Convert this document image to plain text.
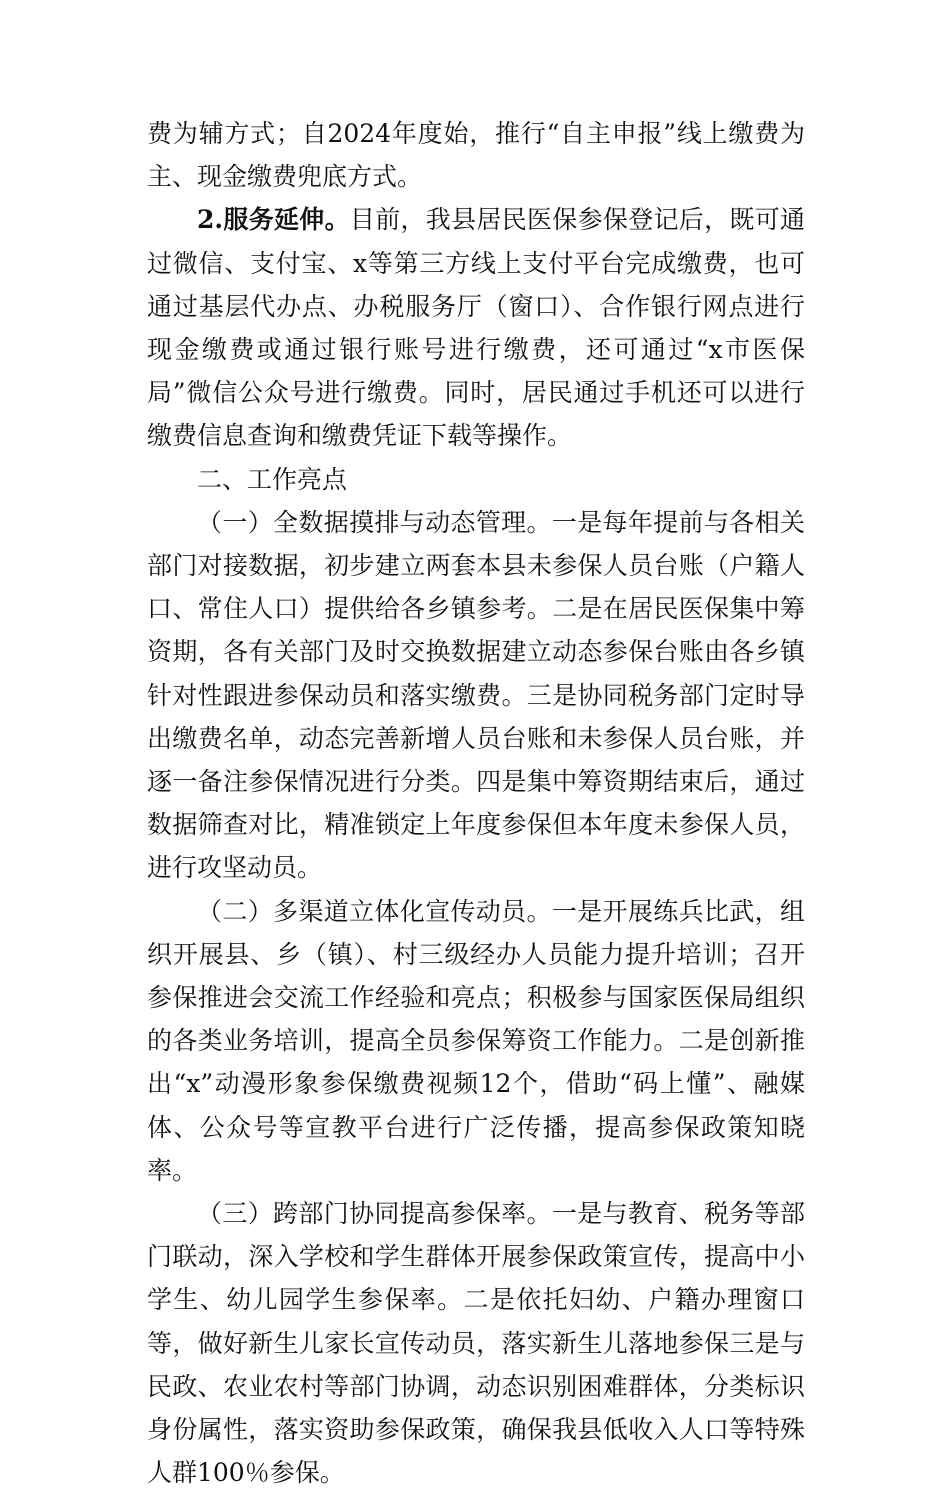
费为辅方式；自2024年度始，推行“自主申报”线上缴费为主、现金缴费兜底方式。

2.服务延伸。目前，我县居民医保参保登记后，既可通过微信、支付宝、x等第三方线上支付平台完成缴费，也可通过基层代办点、办税服务厅（窗口）、合作银行网点进行现金缴费或通过银行账号进行缴费，还可通过“x市医保局”微信公众号进行缴费。同时，居民通过手机还可以进行缴费信息查询和缴费凭证下载等操作。

二、工作亮点

（一）全数据摸排与动态管理。一是每年提前与各相关部门对接数据，初步建立两套本县未参保人员台账（户籍人口、常住人口）提供给各乡镇参考。二是在居民医保集中筹资期，各有关部门及时交换数据建立动态参保台账由各乡镇针对性跟进参保动员和落实缴费。三是协同税务部门定时导出缴费名单，动态完善新增人员台账和未参保人员台账，并逐一备注参保情况进行分类。四是集中筹资期结束后，通过数据筛查对比，精准锁定上年度参保但本年度未参保人员，进行攻坚动员。

（二）多渠道立体化宣传动员。一是开展练兵比武，组织开展县、乡（镇）、村三级经办人员能力提升培训；召开参保推进会交流工作经验和亮点；积极参与国家医保局组织的各类业务培训，提高全员参保筹资工作能力。二是创新推出“x”动漫形象参保缴费视频12个，借助“码上懂”、融媒体、公众号等宣教平台进行广泛传播，提高参保政策知晓率。

（三）跨部门协同提高参保率。一是与教育、税务等部门联动，深入学校和学生群体开展参保政策宣传，提高中小学生、幼儿园学生参保率。二是依托妇幼、户籍办理窗口等，做好新生儿家长宣传动员，落实新生儿落地参保三是与民政、农业农村等部门协调，动态识别困难群体，分类标识身份属性，落实资助参保政策，确保我县低收入人口等特殊人群100％参保。
